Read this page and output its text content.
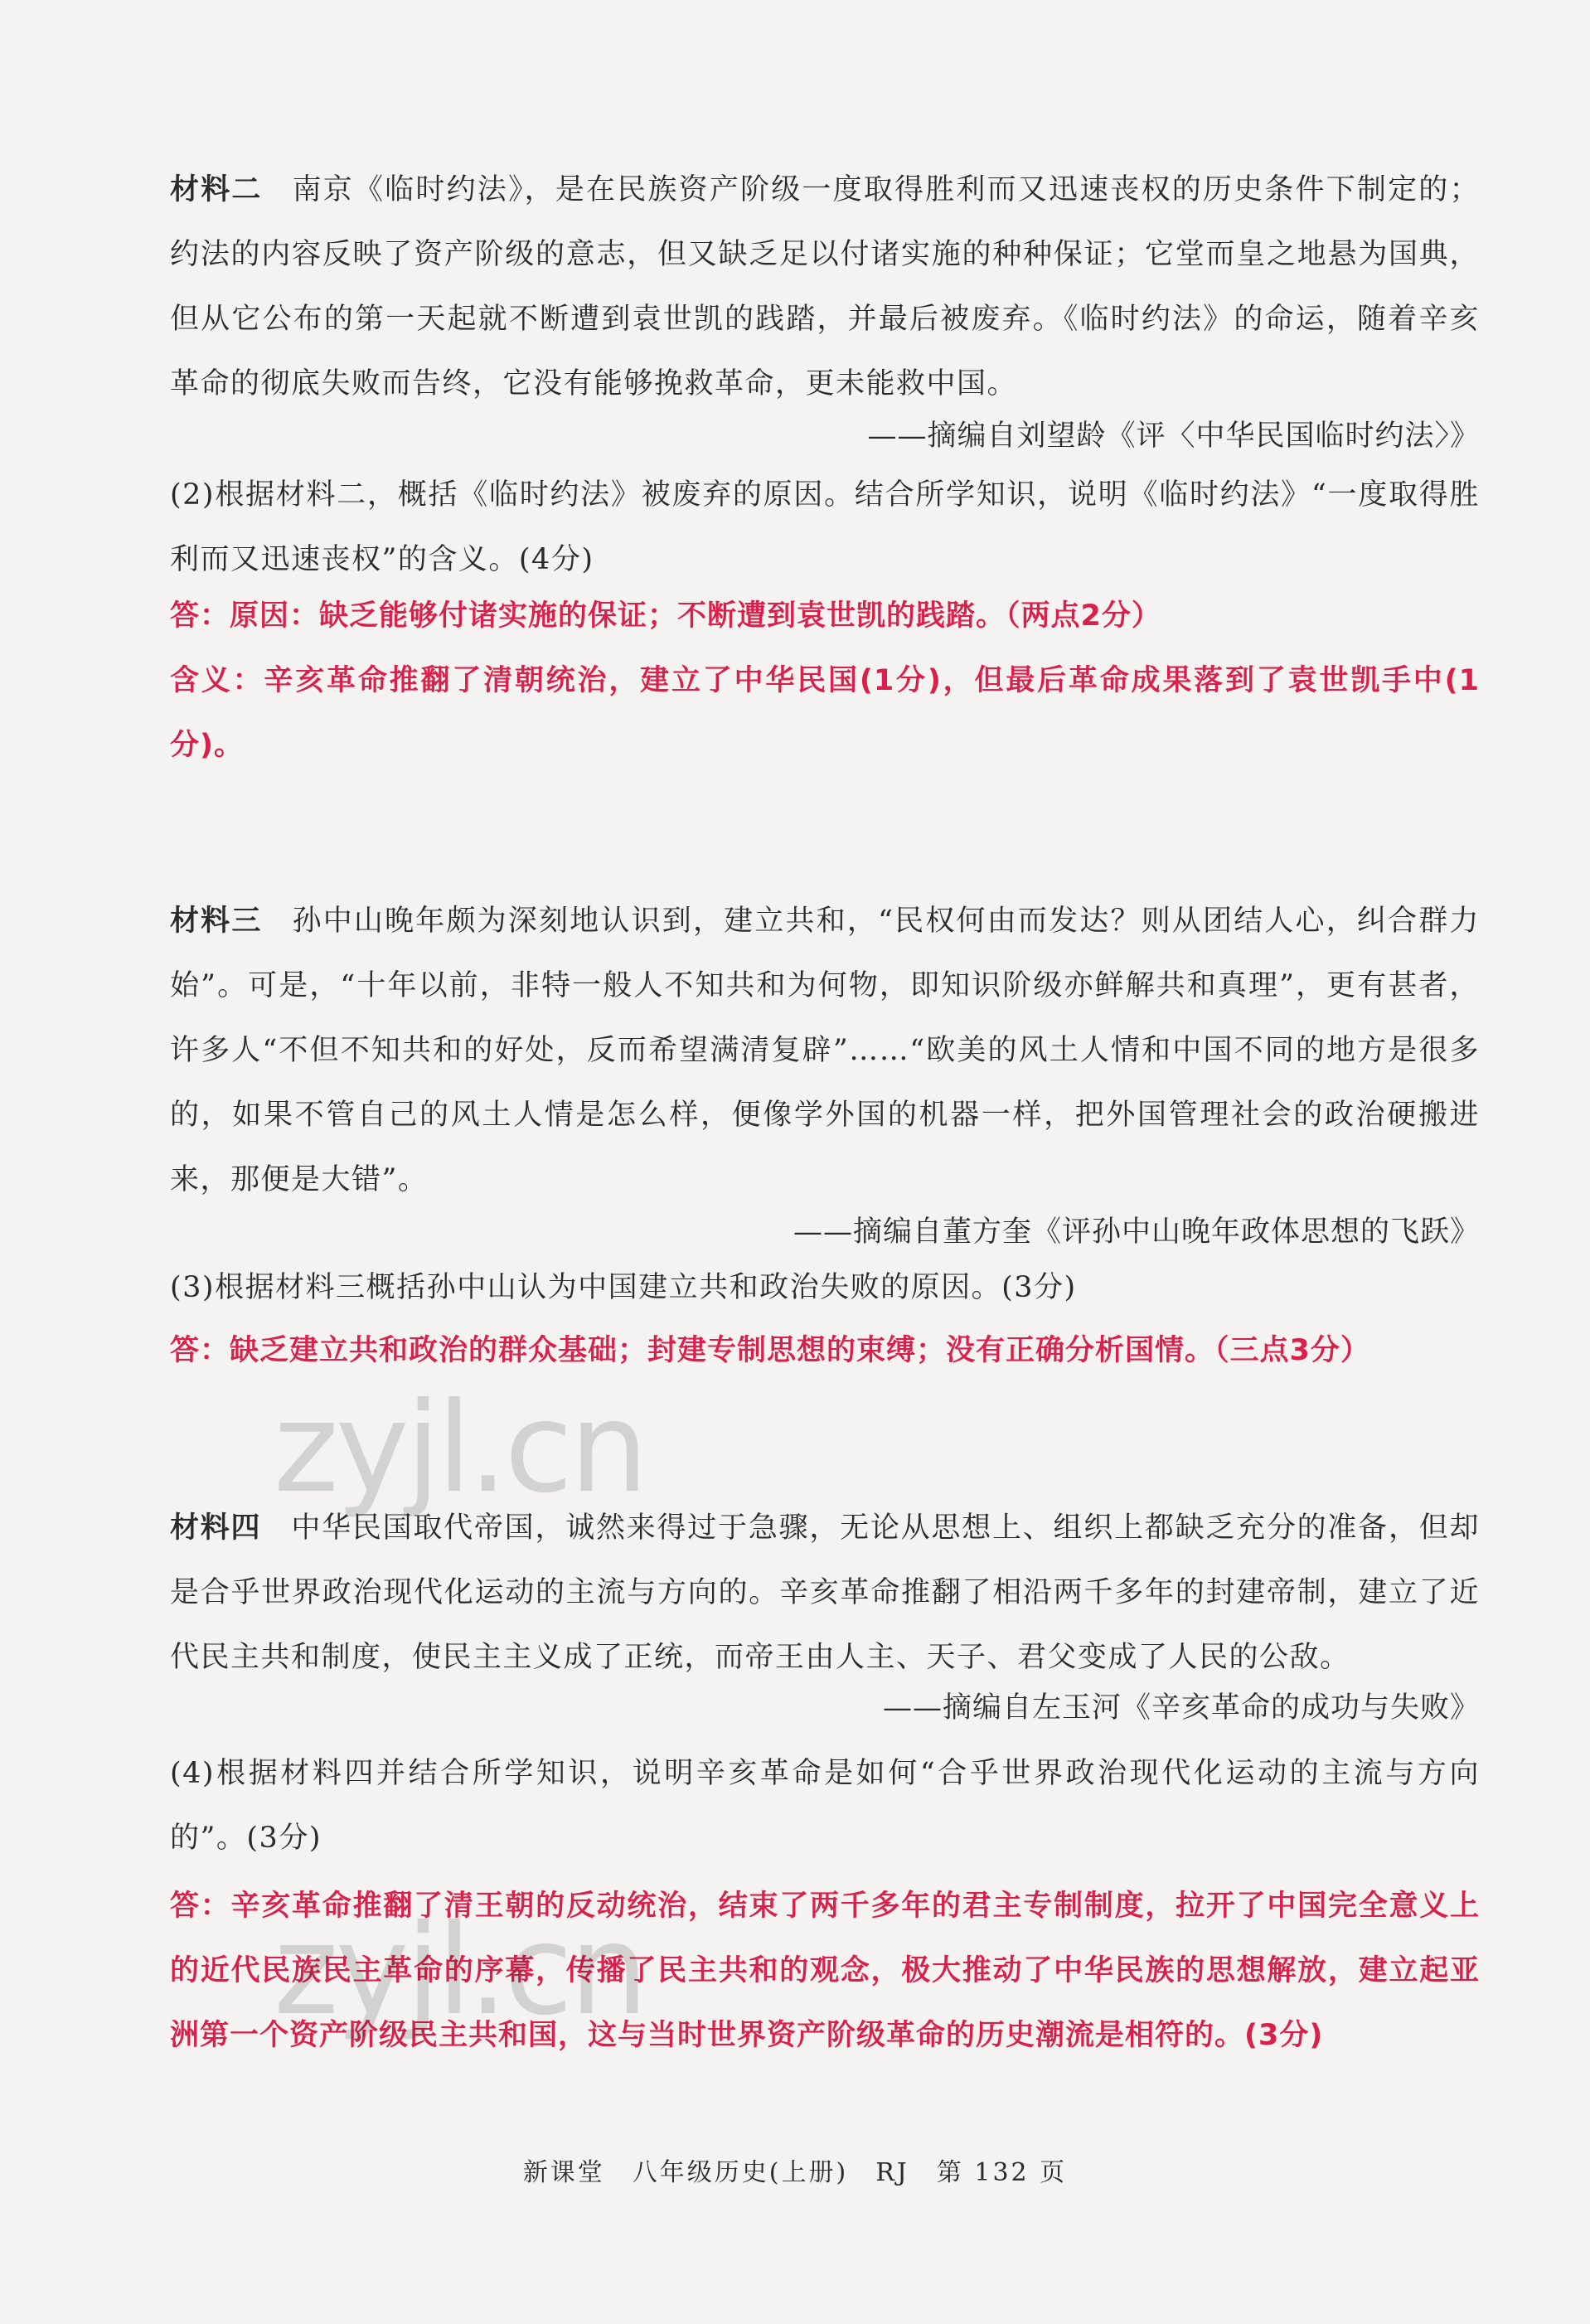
材料二 南京《临时约法》，是在民族资产阶级一度取得胜利而又迅速丧权的历史条件下制定的；约法的内容反映了资产阶级的意志，但又缺乏足以付诸实施的种种保证；它堂而皇之地悬为国典，但从它公布的第一天起就不断遭到袁世凯的践踏，并最后被废弃。《临时约法》的命运，随着辛亥革命的彻底失败而告终，它没有能够挽救革命，更未能救中国。

——摘编自刘望龄《评〈中华民国临时约法〉》

(2)根据材料二，概括《临时约法》被废弃的原因。结合所学知识，说明《临时约法》“一度取得胜利而又迅速丧权”的含义。(4分)

答：原因：缺乏能够付诸实施的保证；不断遭到袁世凯的践踏。（两点2分）

含义：辛亥革命推翻了清朝统治，建立了中华民国(1分)，但最后革命成果落到了袁世凯手中(1分)。

材料三 孙中山晚年颇为深刻地认识到，建立共和，“民权何由而发达？则从团结人心，纠合群力始”。可是，“十年以前，非特一般人不知共和为何物，即知识阶级亦鲜解共和真理”，更有甚者，许多人“不但不知共和的好处，反而希望满清复辟”……“欧美的风土人情和中国不同的地方是很多的，如果不管自己的风土人情是怎么样，便像学外国的机器一样，把外国管理社会的政治硬搬进来，那便是大错”。

——摘编自董方奎《评孙中山晚年政体思想的飞跃》

(3)根据材料三概括孙中山认为中国建立共和政治失败的原因。(3分)

答：缺乏建立共和政治的群众基础；封建专制思想的束缚；没有正确分析国情。（三点3分）

材料四 中华民国取代帝国，诚然来得过于急骤，无论从思想上、组织上都缺乏充分的准备，但却是合乎世界政治现代化运动的主流与方向的。辛亥革命推翻了相沿两千多年的封建帝制，建立了近代民主共和制度，使民主主义成了正统，而帝王由人主、天子、君父变成了人民的公敌。

——摘编自左玉河《辛亥革命的成功与失败》

(4)根据材料四并结合所学知识，说明辛亥革命是如何“合乎世界政治现代化运动的主流与方向的”。(3分)

答：辛亥革命推翻了清王朝的反动统治，结束了两千多年的君主专制制度，拉开了中国完全意义上的近代民族民主革命的序幕，传播了民主共和的观念，极大推动了中华民族的思想解放，建立起亚洲第一个资产阶级民主共和国，这与当时世界资产阶级革命的历史潮流是相符的。(3分)

zyjl.cn
zyjl.cn

新课堂　八年级历史(上册)　RJ　第 132 页
